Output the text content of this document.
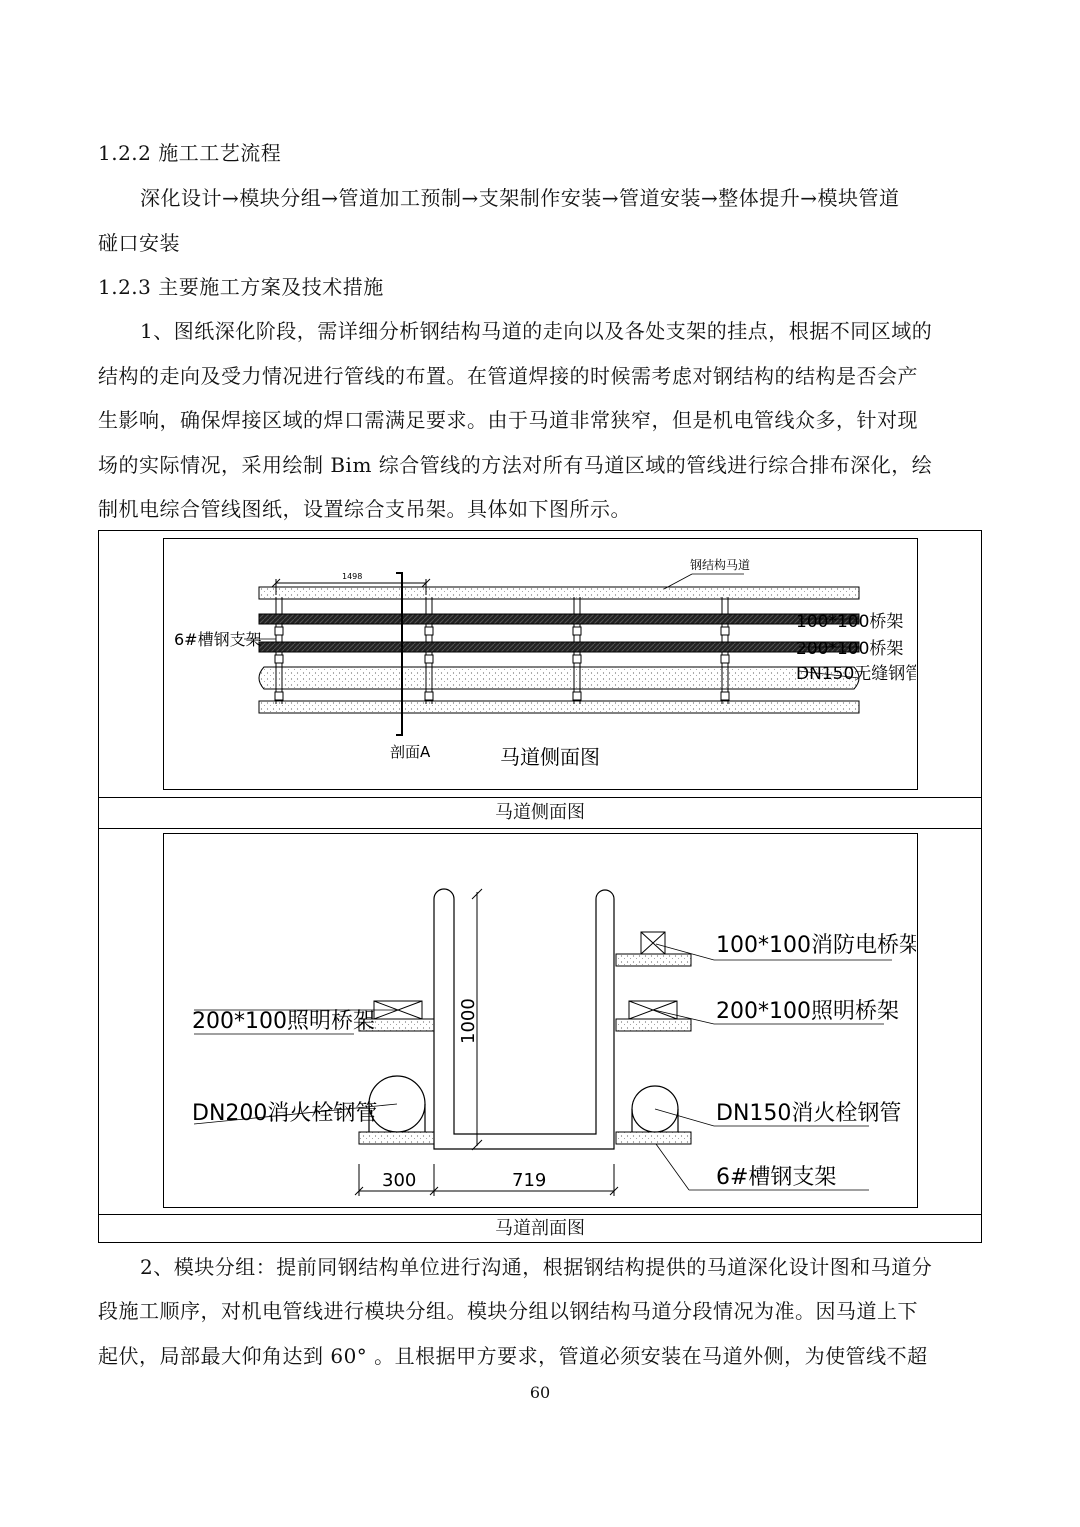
1.2.2 施工工艺流程
深化设计→模块分组→管道加工预制→支架制作安装→管道安装→整体提升→模块管道
碰口安装
1.2.3 主要施工方案及技术措施
1、图纸深化阶段，需详细分析钢结构马道的走向以及各处支架的挂点，根据不同区域的
结构的走向及受力情况进行管线的布置。在管道焊接的时候需考虑对钢结构的结构是否会产
生影响，确保焊接区域的焊口需满足要求。由于马道非常狭窄，但是机电管线众多，针对现
场的实际情况，采用绘制 Bim 综合管线的方法对所有马道区域的管线进行综合排布深化，绘
制机电综合管线图纸，设置综合支吊架。具体如下图所示。
1498
钢结构马道
6#槽钢支架
100*100桥架
200*100桥架
DN150无缝钢管
剖面A	马道侧面图
马道侧面图
1000
300	719
100*100消防电桥架
200*100照明桥架	200*100照明桥架
DN200消火栓钢管	DN150消火栓钢管
6#槽钢支架
马道剖面图
2、模块分组：提前同钢结构单位进行沟通，根据钢结构提供的马道深化设计图和马道分
段施工顺序，对机电管线进行模块分组。模块分组以钢结构马道分段情况为准。因马道上下
起伏，局部最大仰角达到 60° 。且根据甲方要求，管道必须安装在马道外侧，为使管线不超
60
